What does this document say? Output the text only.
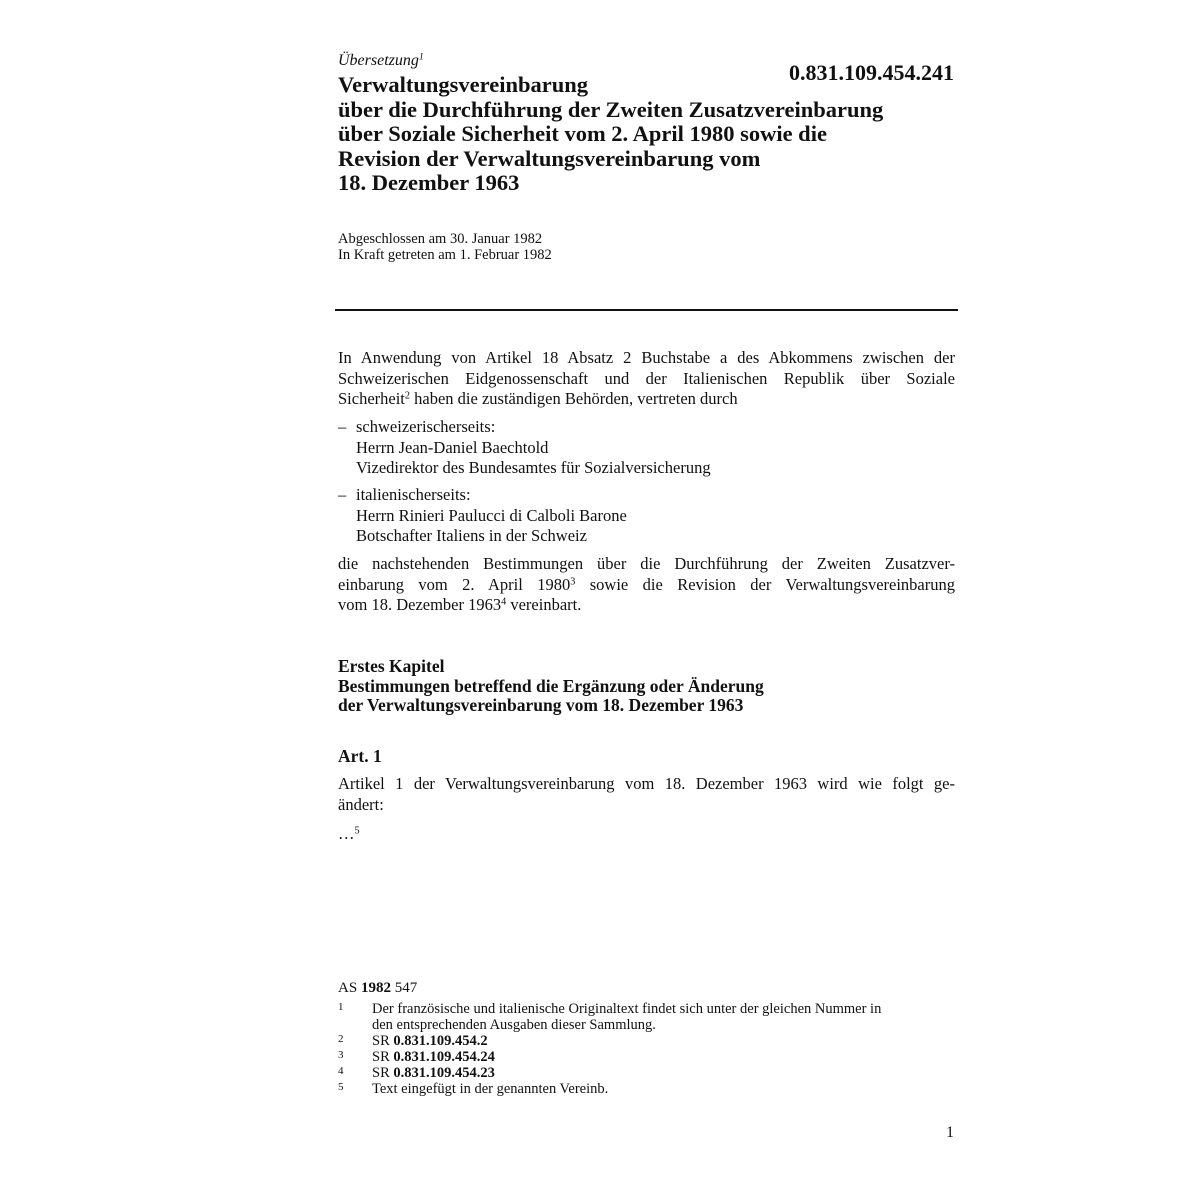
Übersetzung$^1$
0.831.109.454.241
Verwaltungsvereinbarung
über die Durchführung der Zweiten Zusatzvereinbarung
über Soziale Sicherheit vom 2. April 1980 sowie die
Revision der Verwaltungsvereinbarung vom
18. Dezember 1963
Abgeschlossen am 30. Januar 1982
In Kraft getreten am 1. Februar 1982
In Anwendung von Artikel 18 Absatz 2 Buchstabe a des Abkommens zwischen der
Schweizerischen Eidgenossenschaft und der Italienischen Republik über Soziale
Sicherheit$^2$ haben die zuständigen Behörden, vertreten durch
– schweizerischerseits:
Herrn Jean-Daniel Baechtold
Vizedirektor des Bundesamtes für Sozialversicherung
– italienischerseits:
Herrn Rinieri Paulucci di Calboli Barone
Botschafter Italiens in der Schweiz
die nachstehenden Bestimmungen über die Durchführung der Zweiten Zusatzver-
einbarung vom 2. April 1980$^3$ sowie die Revision der Verwaltungsvereinbarung
vom 18. Dezember 1963$^4$ vereinbart.
Erstes Kapitel
Bestimmungen betreffend die Ergänzung oder Änderung
der Verwaltungsvereinbarung vom 18. Dezember 1963
Art. 1
Artikel 1 der Verwaltungsvereinbarung vom 18. Dezember 1963 wird wie folgt ge-
ändert:
…$^5$
AS 1982 547
1 Der französische und italienische Originaltext findet sich unter der gleichen Nummer in
den entsprechenden Ausgaben dieser Sammlung.
2 SR 0.831.109.454.2
3 SR 0.831.109.454.24
4 SR 0.831.109.454.23
5 Text eingefügt in der genannten Vereinb.
1
